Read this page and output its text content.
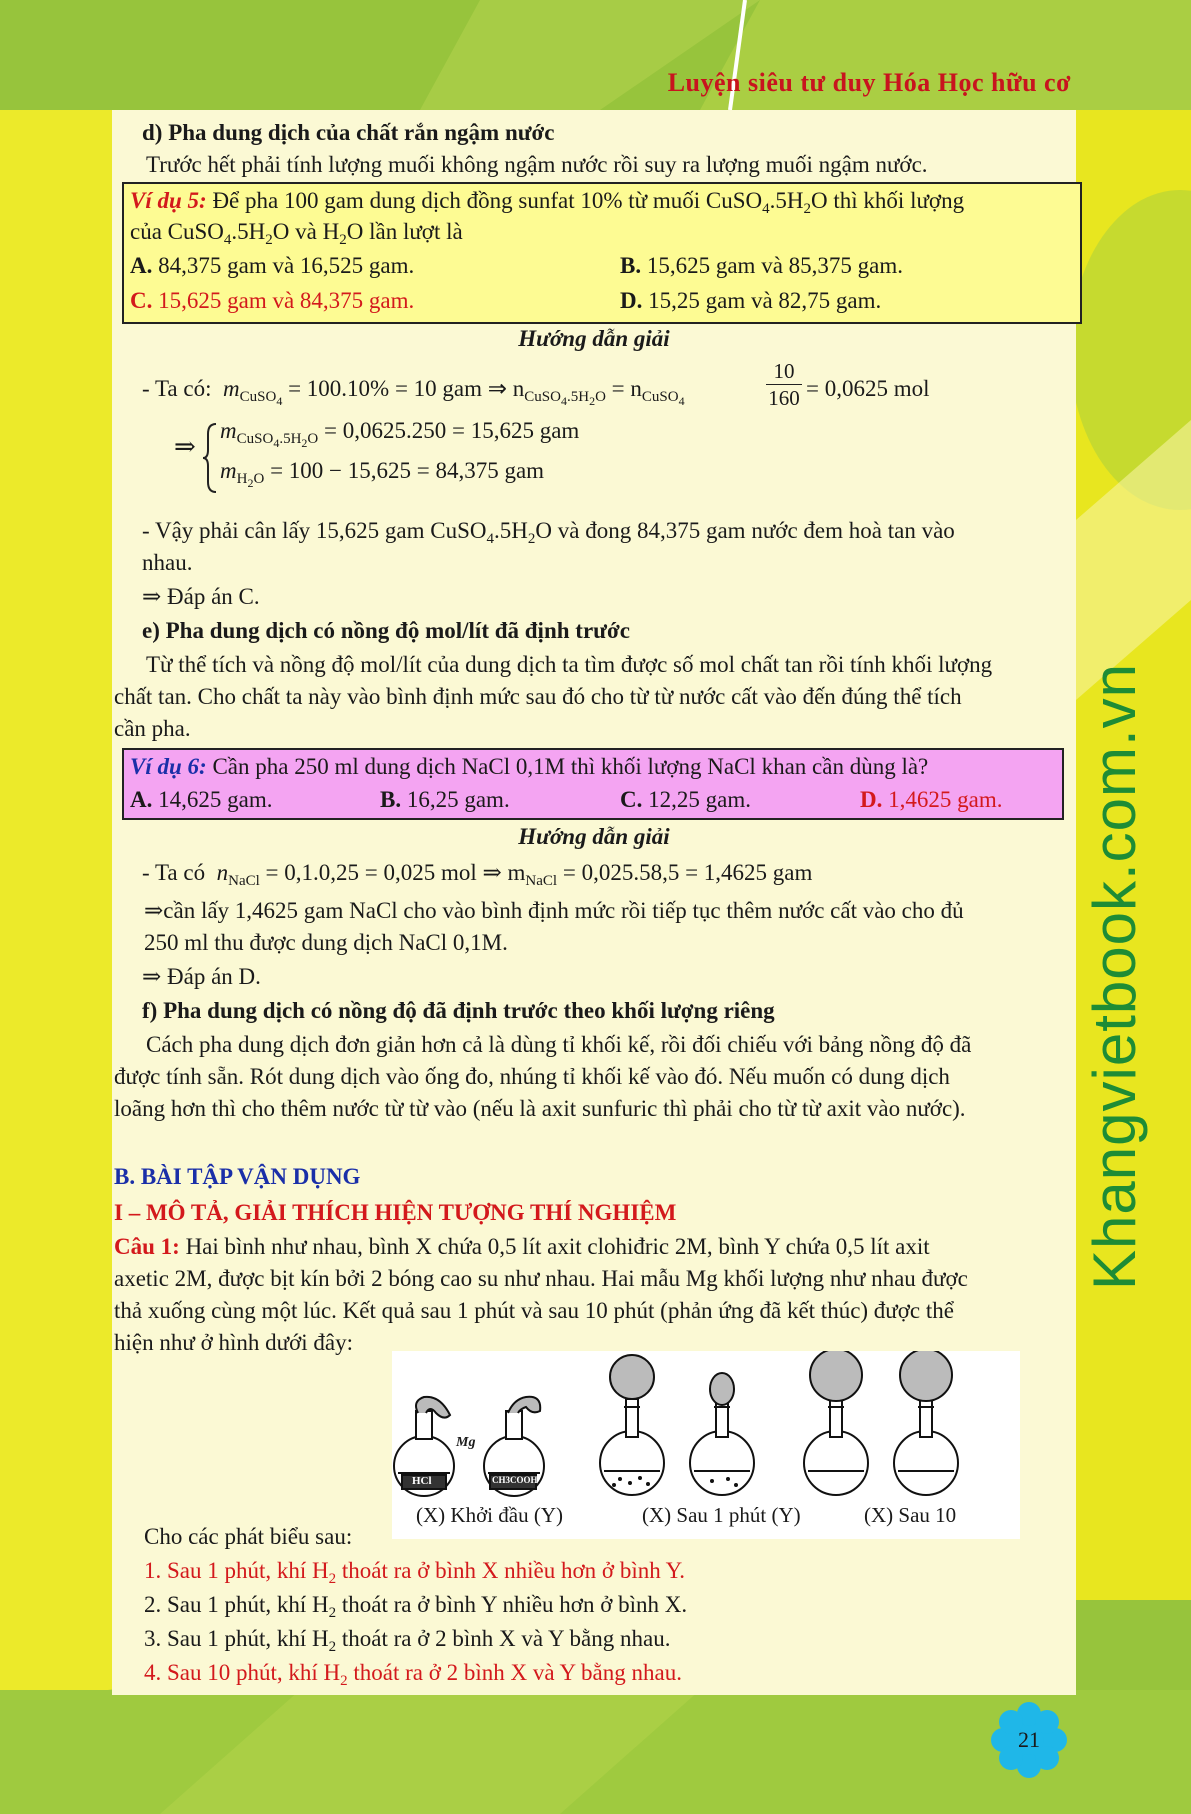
Luyện siêu tư duy Hóa Học hữu cơ
Khangvietbook.com.vn
21
d) Pha dung dịch của chất rắn ngậm nước
Trước hết phải tính lượng muối không ngậm nước rồi suy ra lượng muối ngậm nước.
Ví dụ 5: Để pha 100 gam dung dịch đồng sunfat 10% từ muối $CuSO_4.5H_2O$ thì khối lượng
của $CuSO_4.5H_2O$ và $H_2O$ lần lượt là
A. 84,375 gam và 16,525 gam.	B. 15,625 gam và 85,375 gam.
C. 15,625 gam và 84,375 gam.	D. 15,25 gam và 82,75 gam.
Hướng dẫn giải
- Ta có: $m_{CuSO4} = 100.10\% = 10$ gam ⇒ $n_{CuSO4.5H2O} = n_{CuSO4}$	$\frac{10}{160} = 0,0625$ mol
⇒
$m_{CuSO4.5H2O} = 0,0625.250 = 15,625$ gam
$m_{H2O} = 100 - 15,625 = 84,375$ gam
- Vậy phải cân lấy 15,625 gam $CuSO_4.5H_2O$ và đong 84,375 gam nước đem hoà tan vào
nhau.
⇒ Đáp án C.
e) Pha dung dịch có nồng độ mol/lít đã định trước
Từ thể tích và nồng độ mol/lít của dung dịch ta tìm được số mol chất tan rồi tính khối lượng
chất tan. Cho chất ta này vào bình định mức sau đó cho từ từ nước cất vào đến đúng thể tích
cần pha.
Ví dụ 6: Cần pha 250 ml dung dịch NaCl 0,1M thì khối lượng NaCl khan cần dùng là?
A. 14,625 gam.	B. 16,25 gam.	C. 12,25 gam.	D. 1,4625 gam.
Hướng dẫn giải
- Ta có $n_{NaCl} = 0,1.0,25 = 0,025$ mol ⇒ $m_{NaCl} = 0,025.58,5 = 1,4625$ gam
⇒cần lấy 1,4625 gam NaCl cho vào bình định mức rồi tiếp tục thêm nước cất vào cho đủ
250 ml thu được dung dịch NaCl 0,1M.
⇒ Đáp án D.
f) Pha dung dịch có nồng độ đã định trước theo khối lượng riêng
Cách pha dung dịch đơn giản hơn cả là dùng tỉ khối kế, rồi đối chiếu với bảng nồng độ đã
được tính sẵn. Rót dung dịch vào ống đo, nhúng tỉ khối kế vào đó. Nếu muốn có dung dịch
loãng hơn thì cho thêm nước từ từ vào (nếu là axit sunfuric thì phải cho từ từ axit vào nước).
B. BÀI TẬP VẬN DỤNG
I – MÔ TẢ, GIẢI THÍCH HIỆN TƯỢNG THÍ NGHIỆM
Câu 1: Hai bình như nhau, bình X chứa 0,5 lít axit clohiđric 2M, bình Y chứa 0,5 lít axit
axetic 2M, được bịt kín bởi 2 bóng cao su như nhau. Hai mẫu Mg khối lượng như nhau được
thả xuống cùng một lúc. Kết quả sau 1 phút và sau 10 phút (phản ứng đã kết thúc) được thể
hiện như ở hình dưới đây:
Cho các phát biểu sau:
1. Sau 1 phút, khí $H_2$ thoát ra ở bình X nhiều hơn ở bình Y.
2. Sau 1 phút, khí $H_2$ thoát ra ở bình Y nhiều hơn ở bình X.
3. Sau 1 phút, khí $H_2$ thoát ra ở 2 bình X và Y bằng nhau.
4. Sau 10 phút, khí $H_2$ thoát ra ở 2 bình X và Y bằng nhau.
Mg
HCl	CH3COOH
(X) Khởi đầu (Y)	(X) Sau 1 phút (Y)	(X) Sau 10
